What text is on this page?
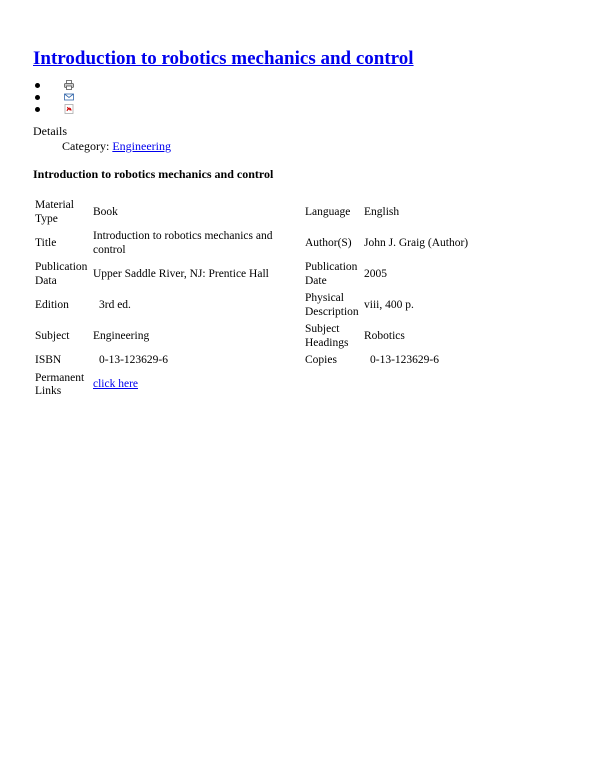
Introduction to robotics mechanics and control
Details
Category: Engineering
Introduction to robotics mechanics and control
Material Type	Book	Language	English
Title	Introduction to robotics mechanics and control	Author(S)	John J. Graig (Author)
Publication Data	Upper Saddle River, NJ: Prentice Hall	Publication Date	2005
Edition	3rd ed.	Physical Description	viii, 400 p.
Subject	Engineering	Subject Headings	Robotics
ISBN	0-13-123629-6	Copies	0-13-123629-6
Permanent Links	click here		
